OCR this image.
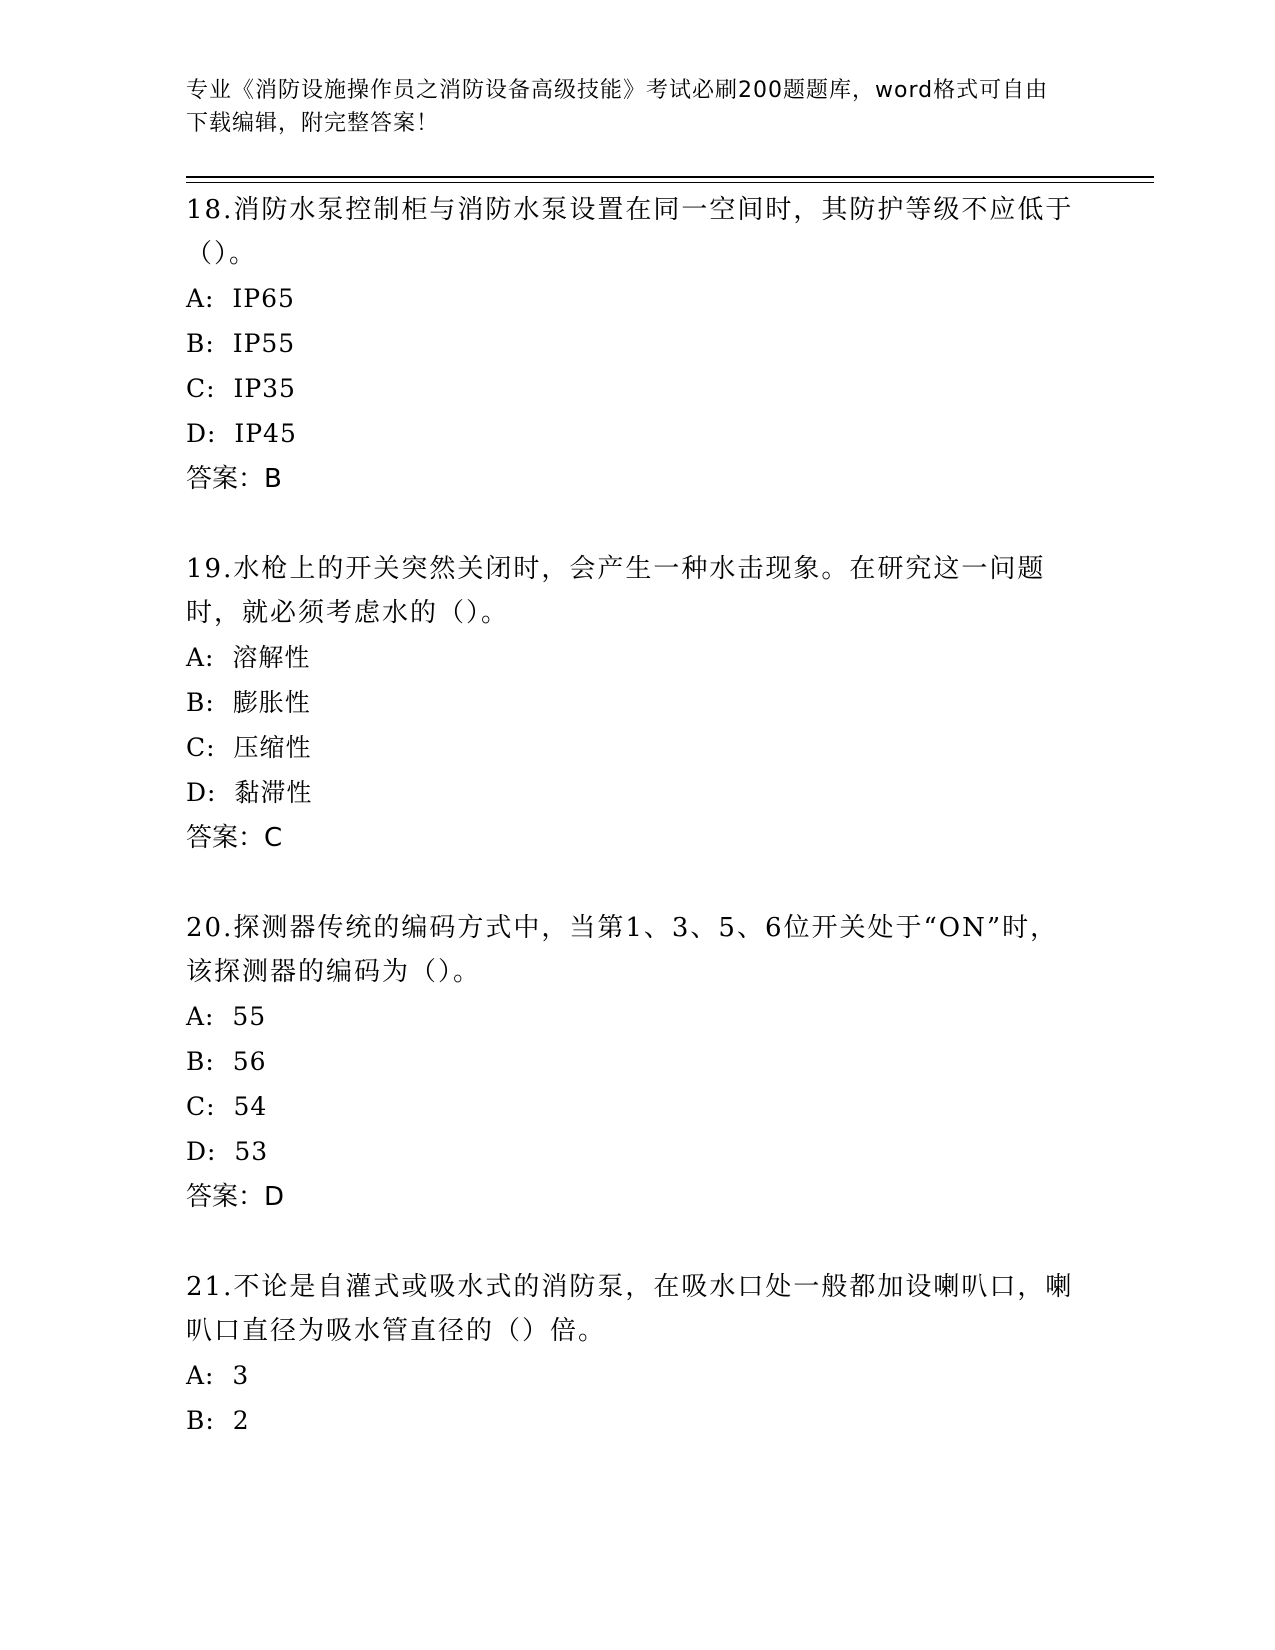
专业《消防设施操作员之消防设备高级技能》考试必刷200题题库，word格式可自由下载编辑，附完整答案！

18.消防水泵控制柜与消防水泵设置在同一空间时，其防护等级不应低于（）。

A:  IP65

B:  IP55

C:  IP35

D:  IP45

答案：B

19.水枪上的开关突然关闭时，会产生一种水击现象。在研究这一问题时，就必须考虑水的（）。

A:  溶解性

B:  膨胀性

C:  压缩性

D:  黏滞性

答案：C

20.探测器传统的编码方式中，当第1、3、5、6位开关处于“ON”时，该探测器的编码为（）。

A:  55

B:  56

C:  54

D:  53

答案：D

21.不论是自灌式或吸水式的消防泵，在吸水口处一般都加设喇叭口，喇叭口直径为吸水管直径的（）倍。

A:  3

B:  2
